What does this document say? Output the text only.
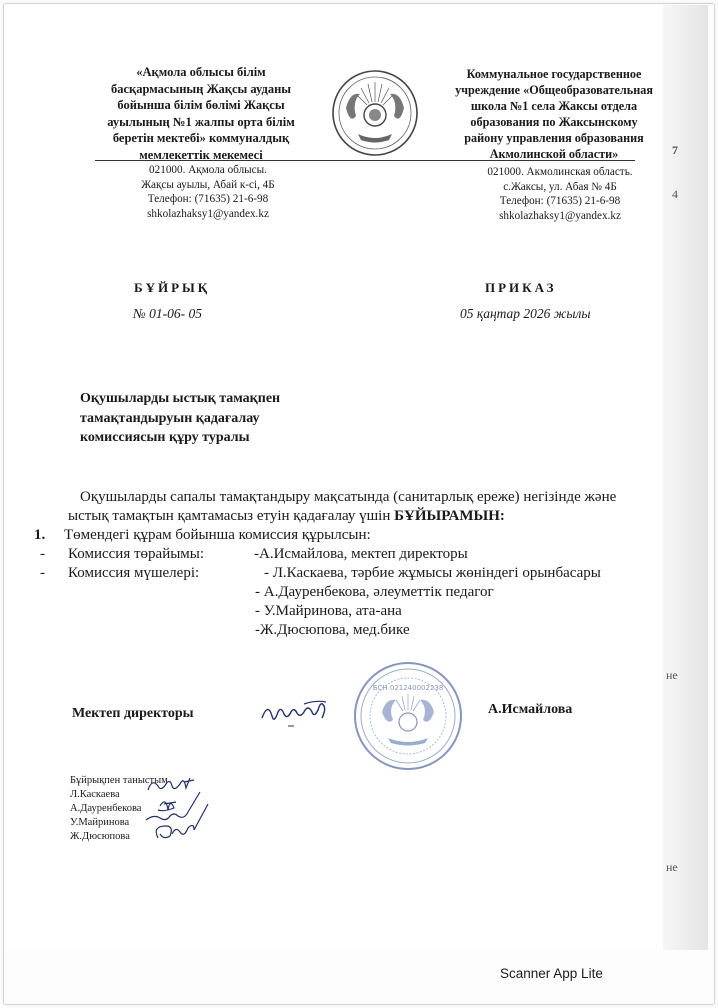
«Ақмола облысы білім
басқармасының Жақсы ауданы
бойынша білім бөлімі Жақсы
ауылының №1 жалпы орта білім
беретін мектебі» коммуналдық
мемлекеттік мекемесі
Коммунальное государственное
учреждение «Общеобразовательная
школа №1 села Жаксы отдела
образования по Жаксынскому
району управления образования
Акмолинской области»
021000. Ақмола облысы.
Жақсы ауылы, Абай к-сі, 4Б
Телефон: (71635) 21-6-98
shkolazhaksy1@yandex.kz
021000. Акмолинская область.
с.Жаксы, ул. Абая № 4Б
Телефон: (71635) 21-6-98
shkolazhaksy1@yandex.kz
7
4
не
не
БҰЙРЫҚ	ПРИКАЗ
№ 01-06- 05	05 қаңтар 2026 жылы
Оқушыларды ыстық тамақпен
тамақтандыруын қадағалау
комиссиясын құру туралы
Оқушыларды сапалы тамақтандыру мақсатында (санитарлық ереже) негізінде және
ыстық тамақтын қамтамасыз етуін қадағалау үшін БҰЙЫРАМЫН:
1. Төмендегі құрам бойынша комиссия құрылсын:
- Комиссия төрайымы:	-А.Исмайлова, мектеп директоры
- Комиссия мүшелері:	- Л.Каскаева, тәрбие жұмысы жөніндегі орынбасары
- А.Дауренбекова, әлеуметтік педагог
- У.Майринова, ата-ана
-Ж.Дюсюпова, мед.бике
Мектеп директоры
БСН 021240002238
А.Исмайлова
Бұйрықпен таныстым
Л.Каскаева
А.Дауренбекова
У.Майринова
Ж.Дюсюпова
Scanner App Lite
